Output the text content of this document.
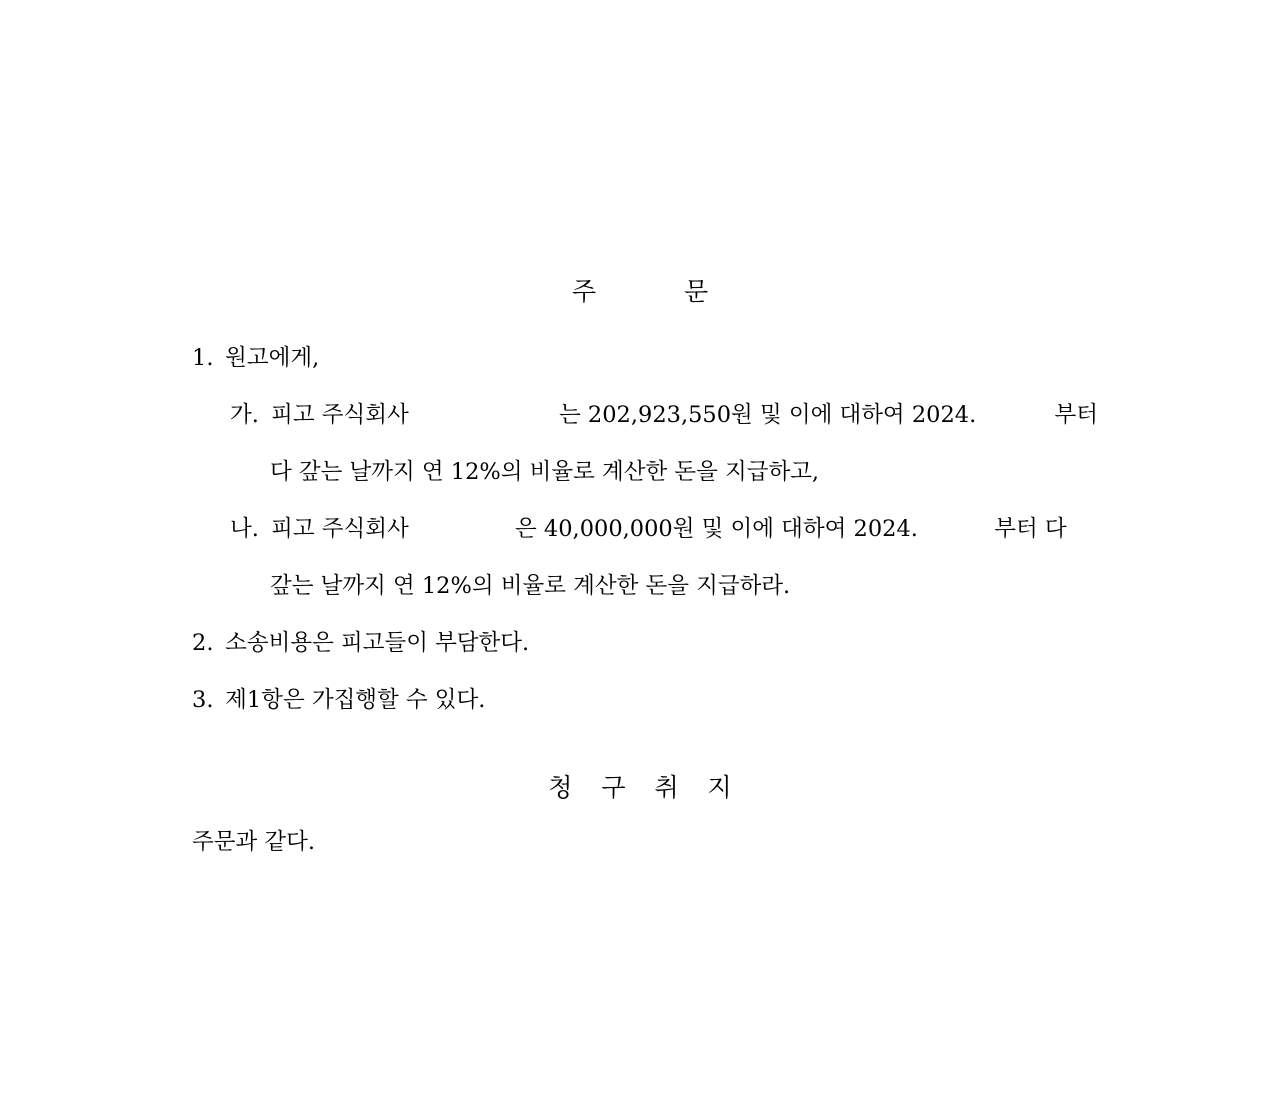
주 문
1. 원고에게,
가. 피고 주식회사	는 202,923,550원 및 이에 대하여 2024.	부터
다 갚는 날까지 연 12%의 비율로 계산한 돈을 지급하고,
나. 피고 주식회사	은 40,000,000원 및 이에 대하여 2024.	부터 다
갚는 날까지 연 12%의 비율로 계산한 돈을 지급하라.
2. 소송비용은 피고들이 부담한다.
3. 제1항은 가집행할 수 있다.
청 구 취 지
주문과 같다.
